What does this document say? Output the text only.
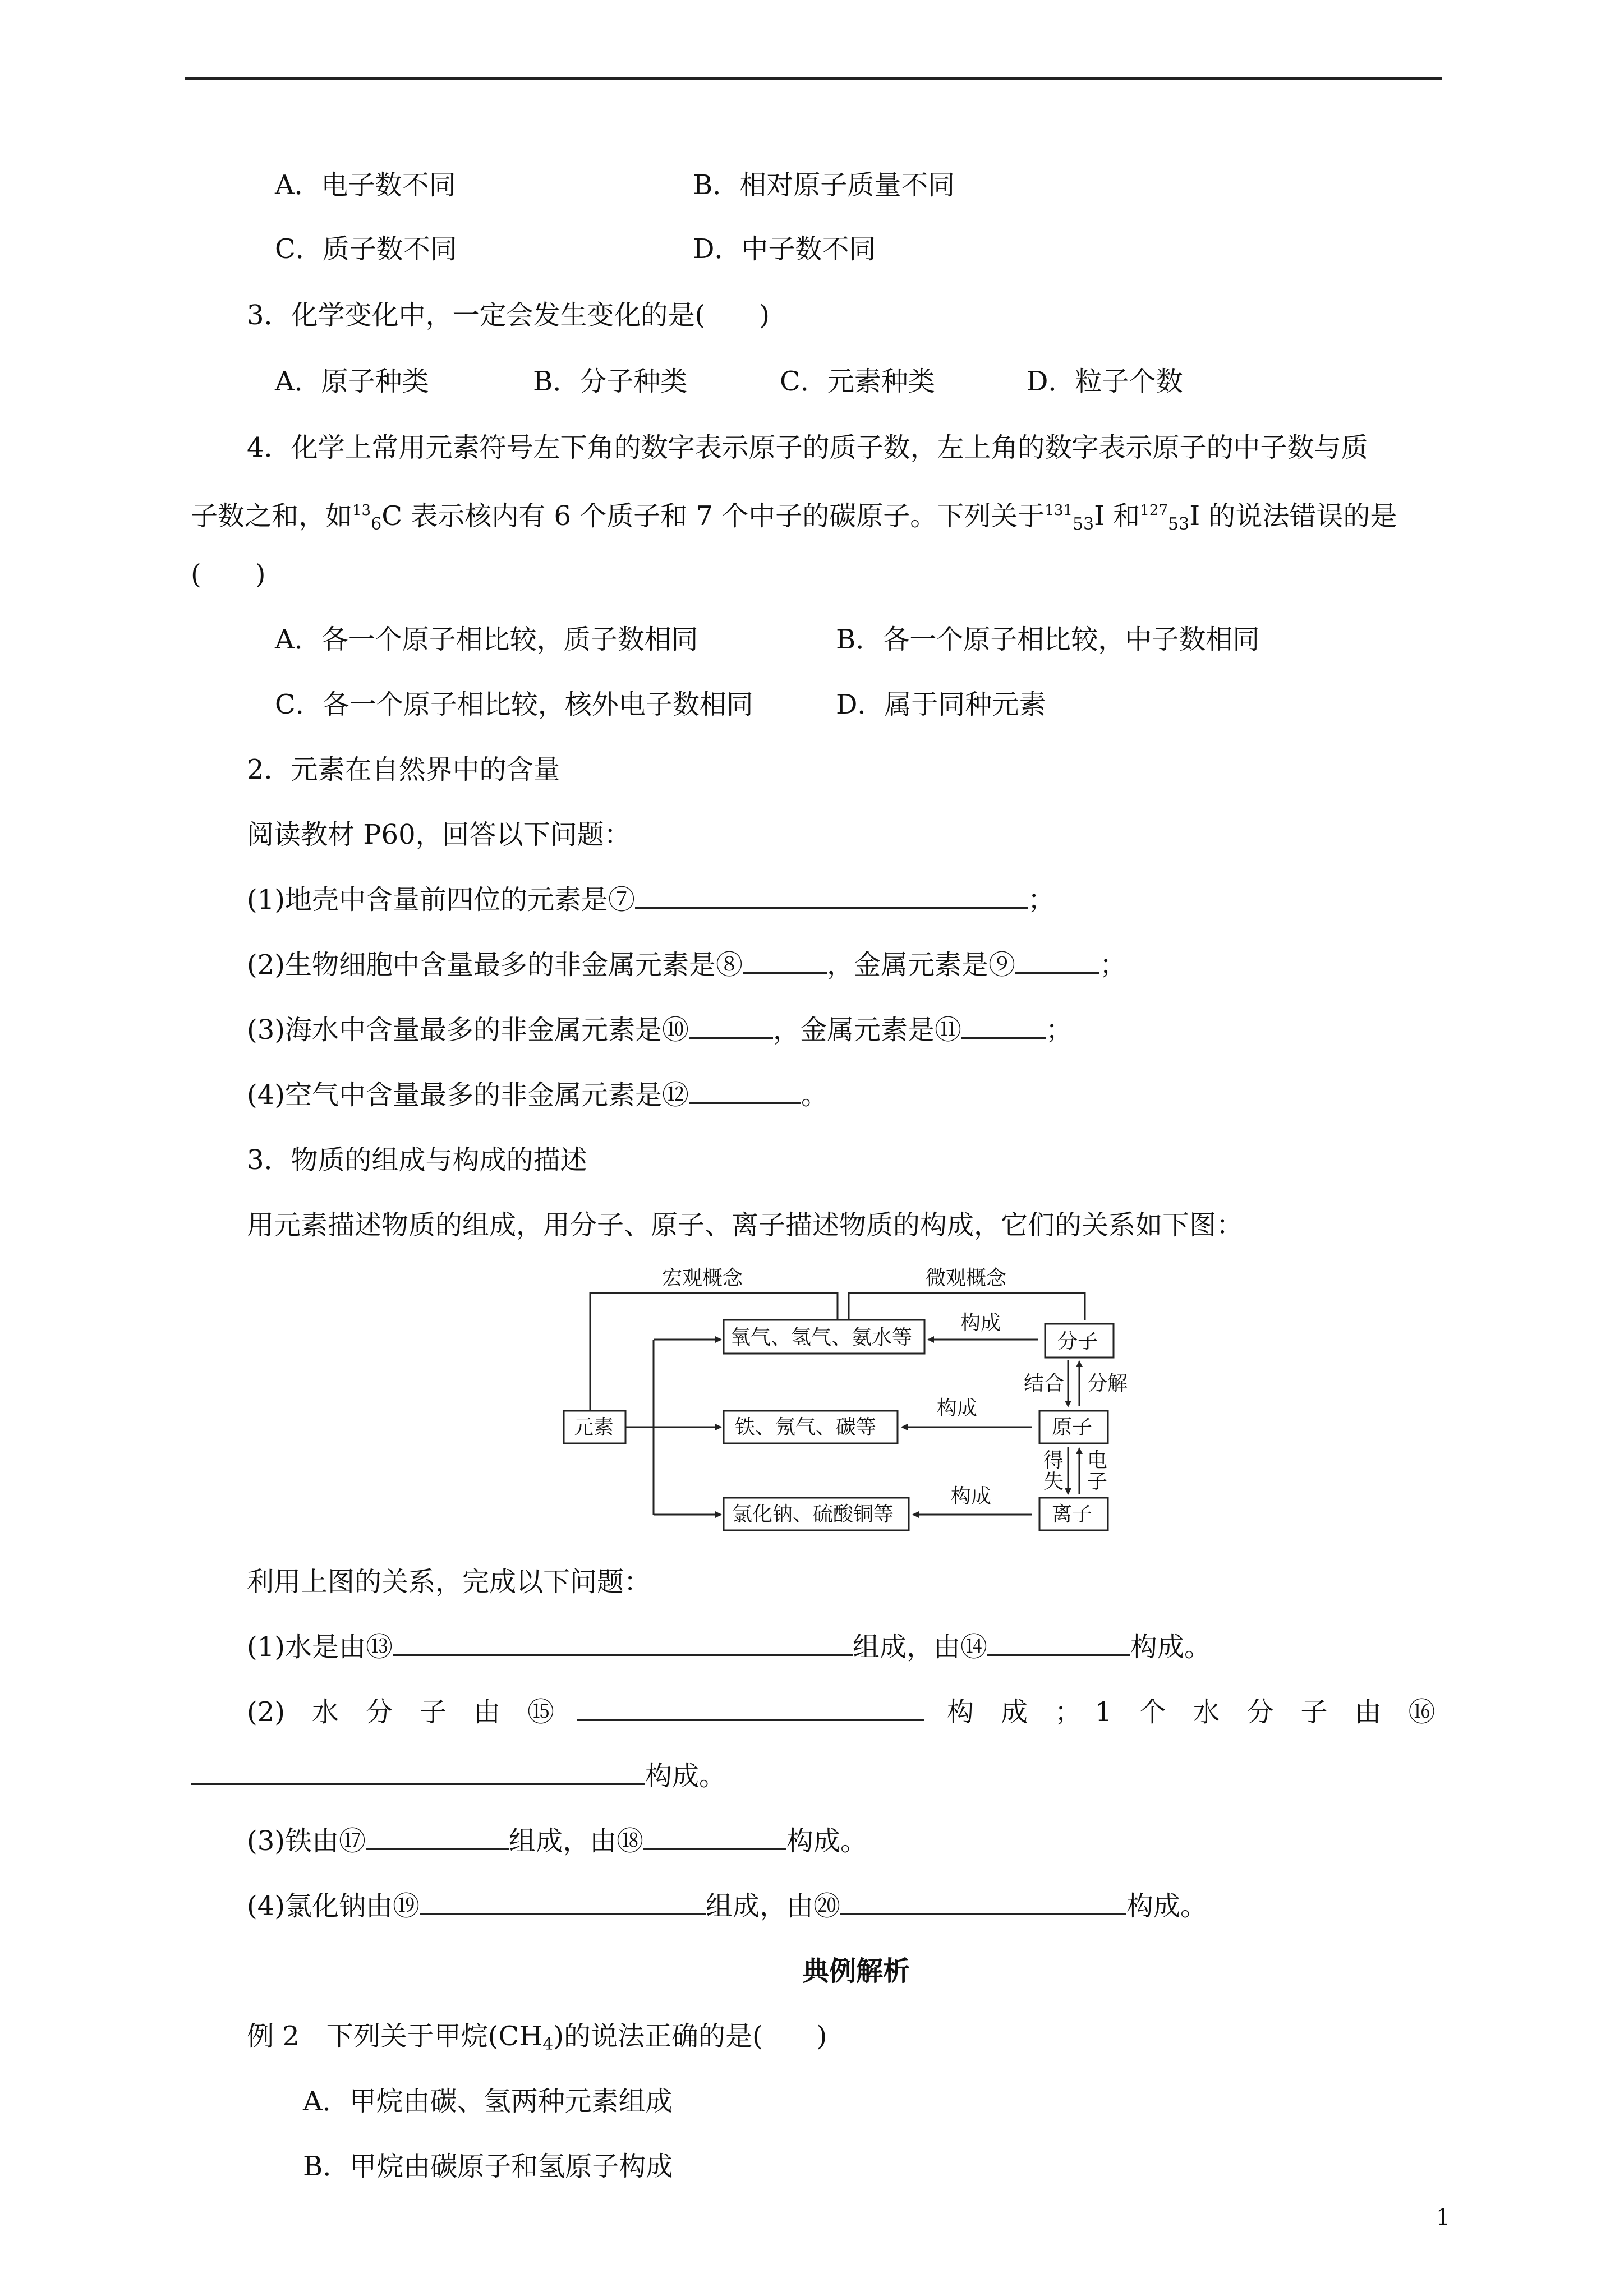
A．电子数不同	B．相对原子质量不同
C．质子数不同	D．中子数不同
3．化学变化中，一定会发生变化的是(　　)
A．原子种类	B．分子种类	C．元素种类	D．粒子个数
4．化学上常用元素符号左下角的数字表示原子的质子数，左上角的数字表示原子的中子数与质
子数之和，如$^{13}_6$C 表示核内有 6 个质子和 7 个中子的碳原子。下列关于$^{131}_{53}$I 和$^{127}_{53}$I 的说法错误的是
(　　)
A．各一个原子相比较，质子数相同	B．各一个原子相比较，中子数相同
C．各一个原子相比较，核外电子数相同	D．属于同种元素
2．元素在自然界中的含量
阅读教材 P60，回答以下问题：
(1)地壳中含量前四位的元素是⑦	；
(2)生物细胞中含量最多的非金属元素是⑧	，金属元素是⑨	；
(3)海水中含量最多的非金属元素是⑩	，金属元素是⑪	；
(4)空气中含量最多的非金属元素是⑫	。
3．物质的组成与构成的描述
用元素描述物质的组成，用分子、原子、离子描述物质的构成，它们的关系如下图：
宏观概念	微观概念
元素
氧气、氢气、氨水等
铁、氖气、碳等
氯化钠、硫酸铜等
分子
原子
离子
构成
构成
构成
结合 分解
得
失
电
子
利用上图的关系，完成以下问题：
(1)水是由⑬	组成，由⑭	构成。
(2)　水　分　子　由　⑮	构　成　；　1　个　水　分　子　由　⑯
构成。
(3)铁由⑰	组成，由⑱	构成。
(4)氯化钠由⑲	组成，由⑳	构成。
典例解析
例 2　下列关于甲烷$(CH_4)$的说法正确的是(　　)
A．甲烷由碳、氢两种元素组成
B．甲烷由碳原子和氢原子构成
1
